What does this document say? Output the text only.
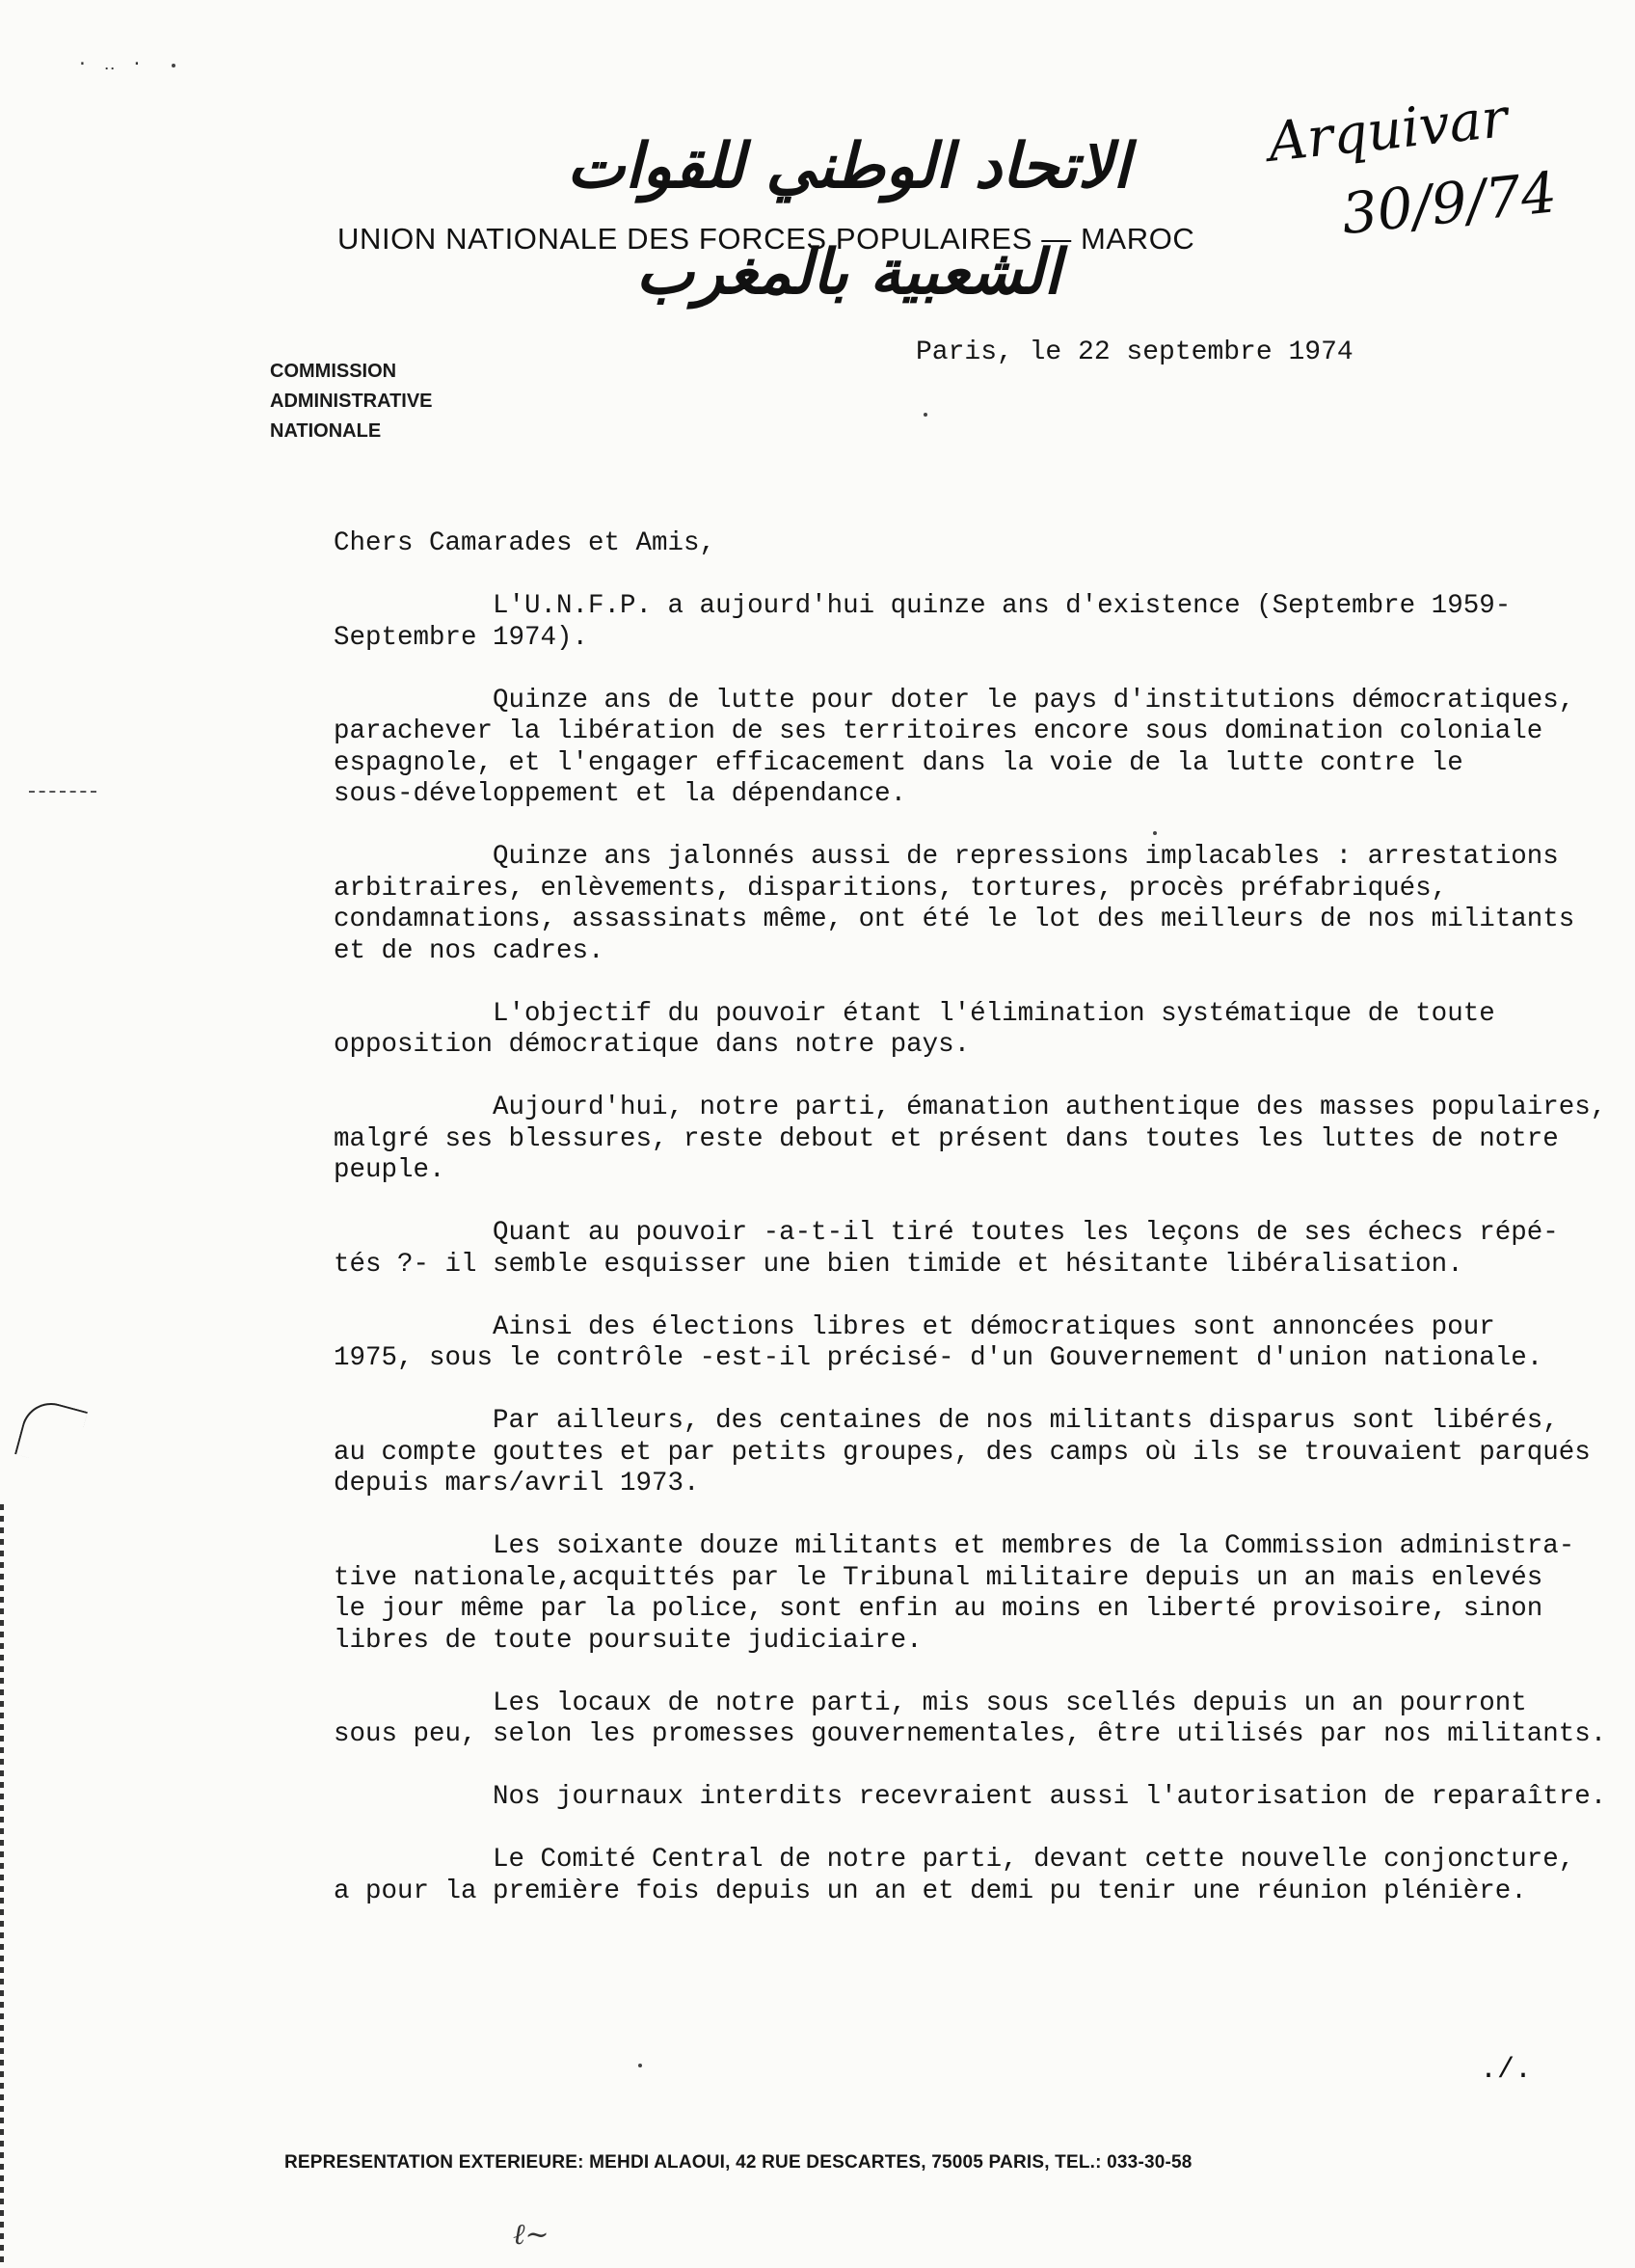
· ‥ ·
الاتحاد الوطني للقوات الشعبية بالمغرب
UNION NATIONALE DES FORCES POPULAIRES — MAROC
Arquivar
30/9/74
COMMISSION
ADMINISTRATIVE
NATIONALE
Paris, le 22 septembre 1974
Chers Camarades et Amis,
L'U.N.F.P. a aujourd'hui quinze ans d'existence (Septembre 1959-
Septembre 1974).
Quinze ans de lutte pour doter le pays d'institutions démocratiques,
parachever la libération de ses territoires encore sous domination coloniale
espagnole, et l'engager efficacement dans la voie de la lutte contre le
sous-développement et la dépendance.
Quinze ans jalonnés aussi de repressions implacables : arrestations
arbitraires, enlèvements, disparitions, tortures, procès préfabriqués,
condamnations, assassinats même, ont été le lot des meilleurs de nos militants
et de nos cadres.
L'objectif du pouvoir étant l'élimination systématique de toute
opposition démocratique dans notre pays.
Aujourd'hui, notre parti, émanation authentique des masses populaires,
malgré ses blessures, reste debout et présent dans toutes les luttes de notre
peuple.
Quant au pouvoir -a-t-il tiré toutes les leçons de ses échecs répé-
tés ?- il semble esquisser une bien timide et hésitante libéralisation.
Ainsi des élections libres et démocratiques sont annoncées pour
1975, sous le contrôle -est-il précisé- d'un Gouvernement d'union nationale.
Par ailleurs, des centaines de nos militants disparus sont libérés,
au compte gouttes et par petits groupes, des camps où ils se trouvaient parqués
depuis mars/avril 1973.
Les soixante douze militants et membres de la Commission administra-
tive nationale,acquittés par le Tribunal militaire depuis un an mais enlevés
le jour même par la police, sont enfin au moins en liberté provisoire, sinon
libres de toute poursuite judiciaire.
Les locaux de notre parti, mis sous scellés depuis un an pourront
sous peu, selon les promesses gouvernementales, être utilisés par nos militants.
Nos journaux interdits recevraient aussi l'autorisation de reparaître.
Le Comité Central de notre parti, devant cette nouvelle conjoncture,
a pour la première fois depuis un an et demi pu tenir une réunion plénière.
./.
REPRESENTATION EXTERIEURE: MEHDI ALAOUI, 42 RUE DESCARTES, 75005 PARIS, TEL.: 033-30-58
ℓ~
